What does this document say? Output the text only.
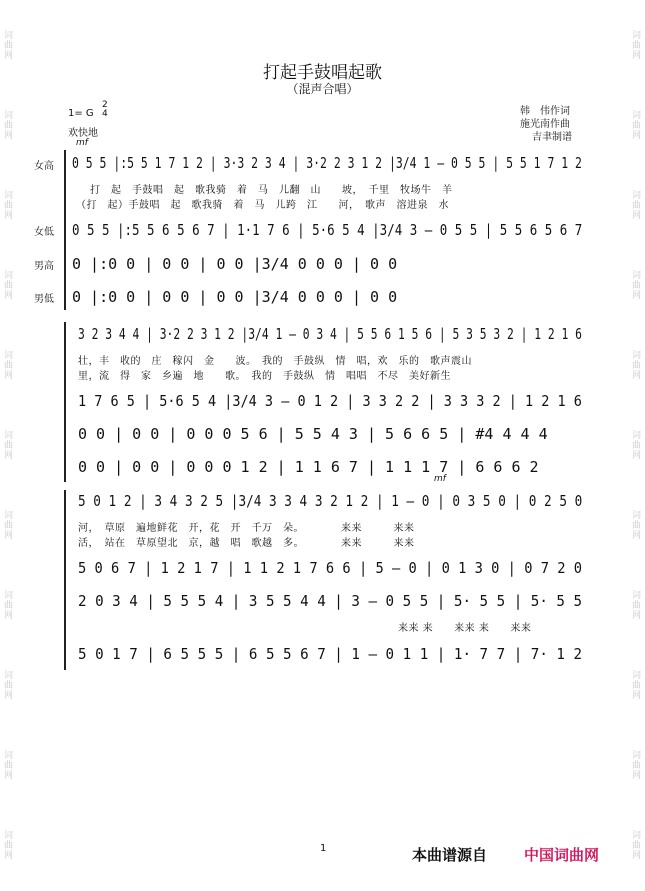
词曲网
词曲网
词曲网
词曲网
词曲网
词曲网
词曲网
词曲网
词曲网
词曲网
词曲网
词曲网
词曲网
词曲网
词曲网
词曲网
词曲网
词曲网
词曲网
词曲网
词曲网
词曲网
打起手鼓唱起歌
（混声合唱）
1= G
2
4
欢快地
mf
韩　伟作词
施光南作曲
吉聿制谱
女高
女低
男高
男低
0 5 5 |:5 5 1 7 1 2 | 3·3 2 3 4 | 3·2 2 3 1 2 |3/4 1 — 0 5 5 | 5 5 1 7 1 2
打　起　手鼓唱　起　歌我骑　着　马　儿翻　山　　坡，　千里　牧场牛　羊
（打　起）手鼓唱　起　歌我骑　着　马　儿跨　江　　河，　歌声　溶进泉　水
0 5 5 |:5 5 6 5 6 7 | 1·1 7 6 | 5·6 5 4 |3/4 3 — 0 5 5 | 5 5 6 5 6 7
0 |:0 0 | 0 0 | 0 0 |3/4 0 0 0 | 0 0
0 |:0 0 | 0 0 | 0 0 |3/4 0 0 0 | 0 0
3 2 3 4 4 | 3·2 2 3 1 2 |3/4 1 — 0 3 4 | 5 5 6 1 5 6 | 5 3 5 3 2 | 1 2 1 6
壮，丰　收的　庄　稼闪　金　　波。　我的　手鼓纵　情　唱，欢　乐的　歌声震山
里，流　得　家　乡遍　地　　歌。　我的　手鼓纵　情　唱唱　不尽　美好新生
1 7 6 5 | 5·6 5 4 |3/4 3 — 0 1 2 | 3 3 2 2 | 3 3 3 2 | 1 2 1 6
0 0 | 0 0 | 0 0 0 5 6 | 5 5 4 3 | 5 6 6 5 | #4 4 4 4
0 0 | 0 0 | 0 0 0 1 2 | 1 1 6 7 | 1 1 1 7 | 6 6 6 2
mf
5 0 1 2 | 3 4 3 2 5 |3/4 3 3 4 3 2 1 2 | 1 — 0 | 0 3 5 0 | 0 2 5 0
河，　草原　遍地鲜花　开，花　开　千万　朵。　　　　来来　　　来来
活，　站在　草原望北　京，越　唱　歌越　多。　　　　来来　　　来来
5 0 6 7 | 1 2 1 7 | 1 1 2 1 7 6 6 | 5 — 0 | 0 1 3 0 | 0 7 2 0
2 0 3 4 | 5 5 5 4 | 3 5 5 4 4 | 3 — 0 5 5 | 5· 5 5 | 5· 5 5
来来 来　　来来 来　　来来
5 0 1 7 | 6 5 5 5 | 6 5 5 6 7 | 1 — 0 1 1 | 1· 7 7 | 7· 1 2
1	本曲谱源自 中国词曲网
